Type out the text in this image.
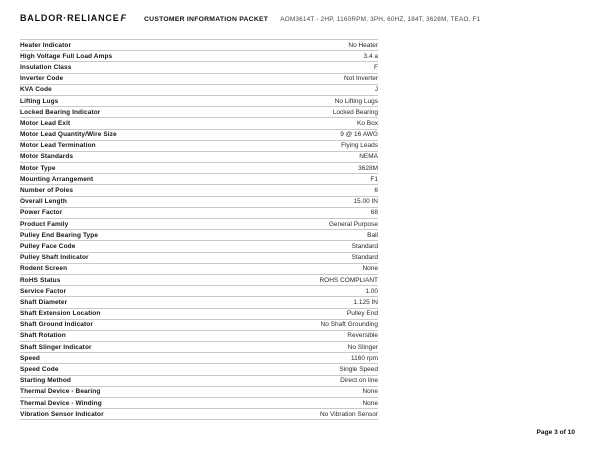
BALDOR·RELIANCE F	CUSTOMER INFORMATION PACKET AOM3614T - 2HP, 1160RPM, 3PH, 60HZ, 184T, 3628M, TEAO, F1
Heater Indicator	No Heater
High Voltage Full Load Amps	3.4 a
Insulation Class	F
Inverter Code	Not Inverter
KVA Code	J
Lifting Lugs	No Lifting Lugs
Locked Bearing Indicator	Locked Bearing
Motor Lead Exit	Ko Box
Motor Lead Quantity/Wire Size	9 @ 16 AWG
Motor Lead Termination	Flying Leads
Motor Standards	NEMA
Motor Type	3628M
Mounting Arrangement	F1
Number of Poles	6
Overall Length	15.00 IN
Power Factor	68
Product Family	General Purpose
Pulley End Bearing Type	Ball
Pulley Face Code	Standard
Pulley Shaft Indicator	Standard
Rodent Screen	None
RoHS Status	ROHS COMPLIANT
Service Factor	1.00
Shaft Diameter	1.125 IN
Shaft Extension Location	Pulley End
Shaft Ground Indicator	No Shaft Grounding
Shaft Rotation	Reversible
Shaft Slinger Indicator	No Slinger
Speed	1160 rpm
Speed Code	Single Speed
Starting Method	Direct on line
Thermal Device - Bearing	None
Thermal Device - Winding	None
Vibration Sensor Indicator	No Vibration Sensor
Page 3 of 10
